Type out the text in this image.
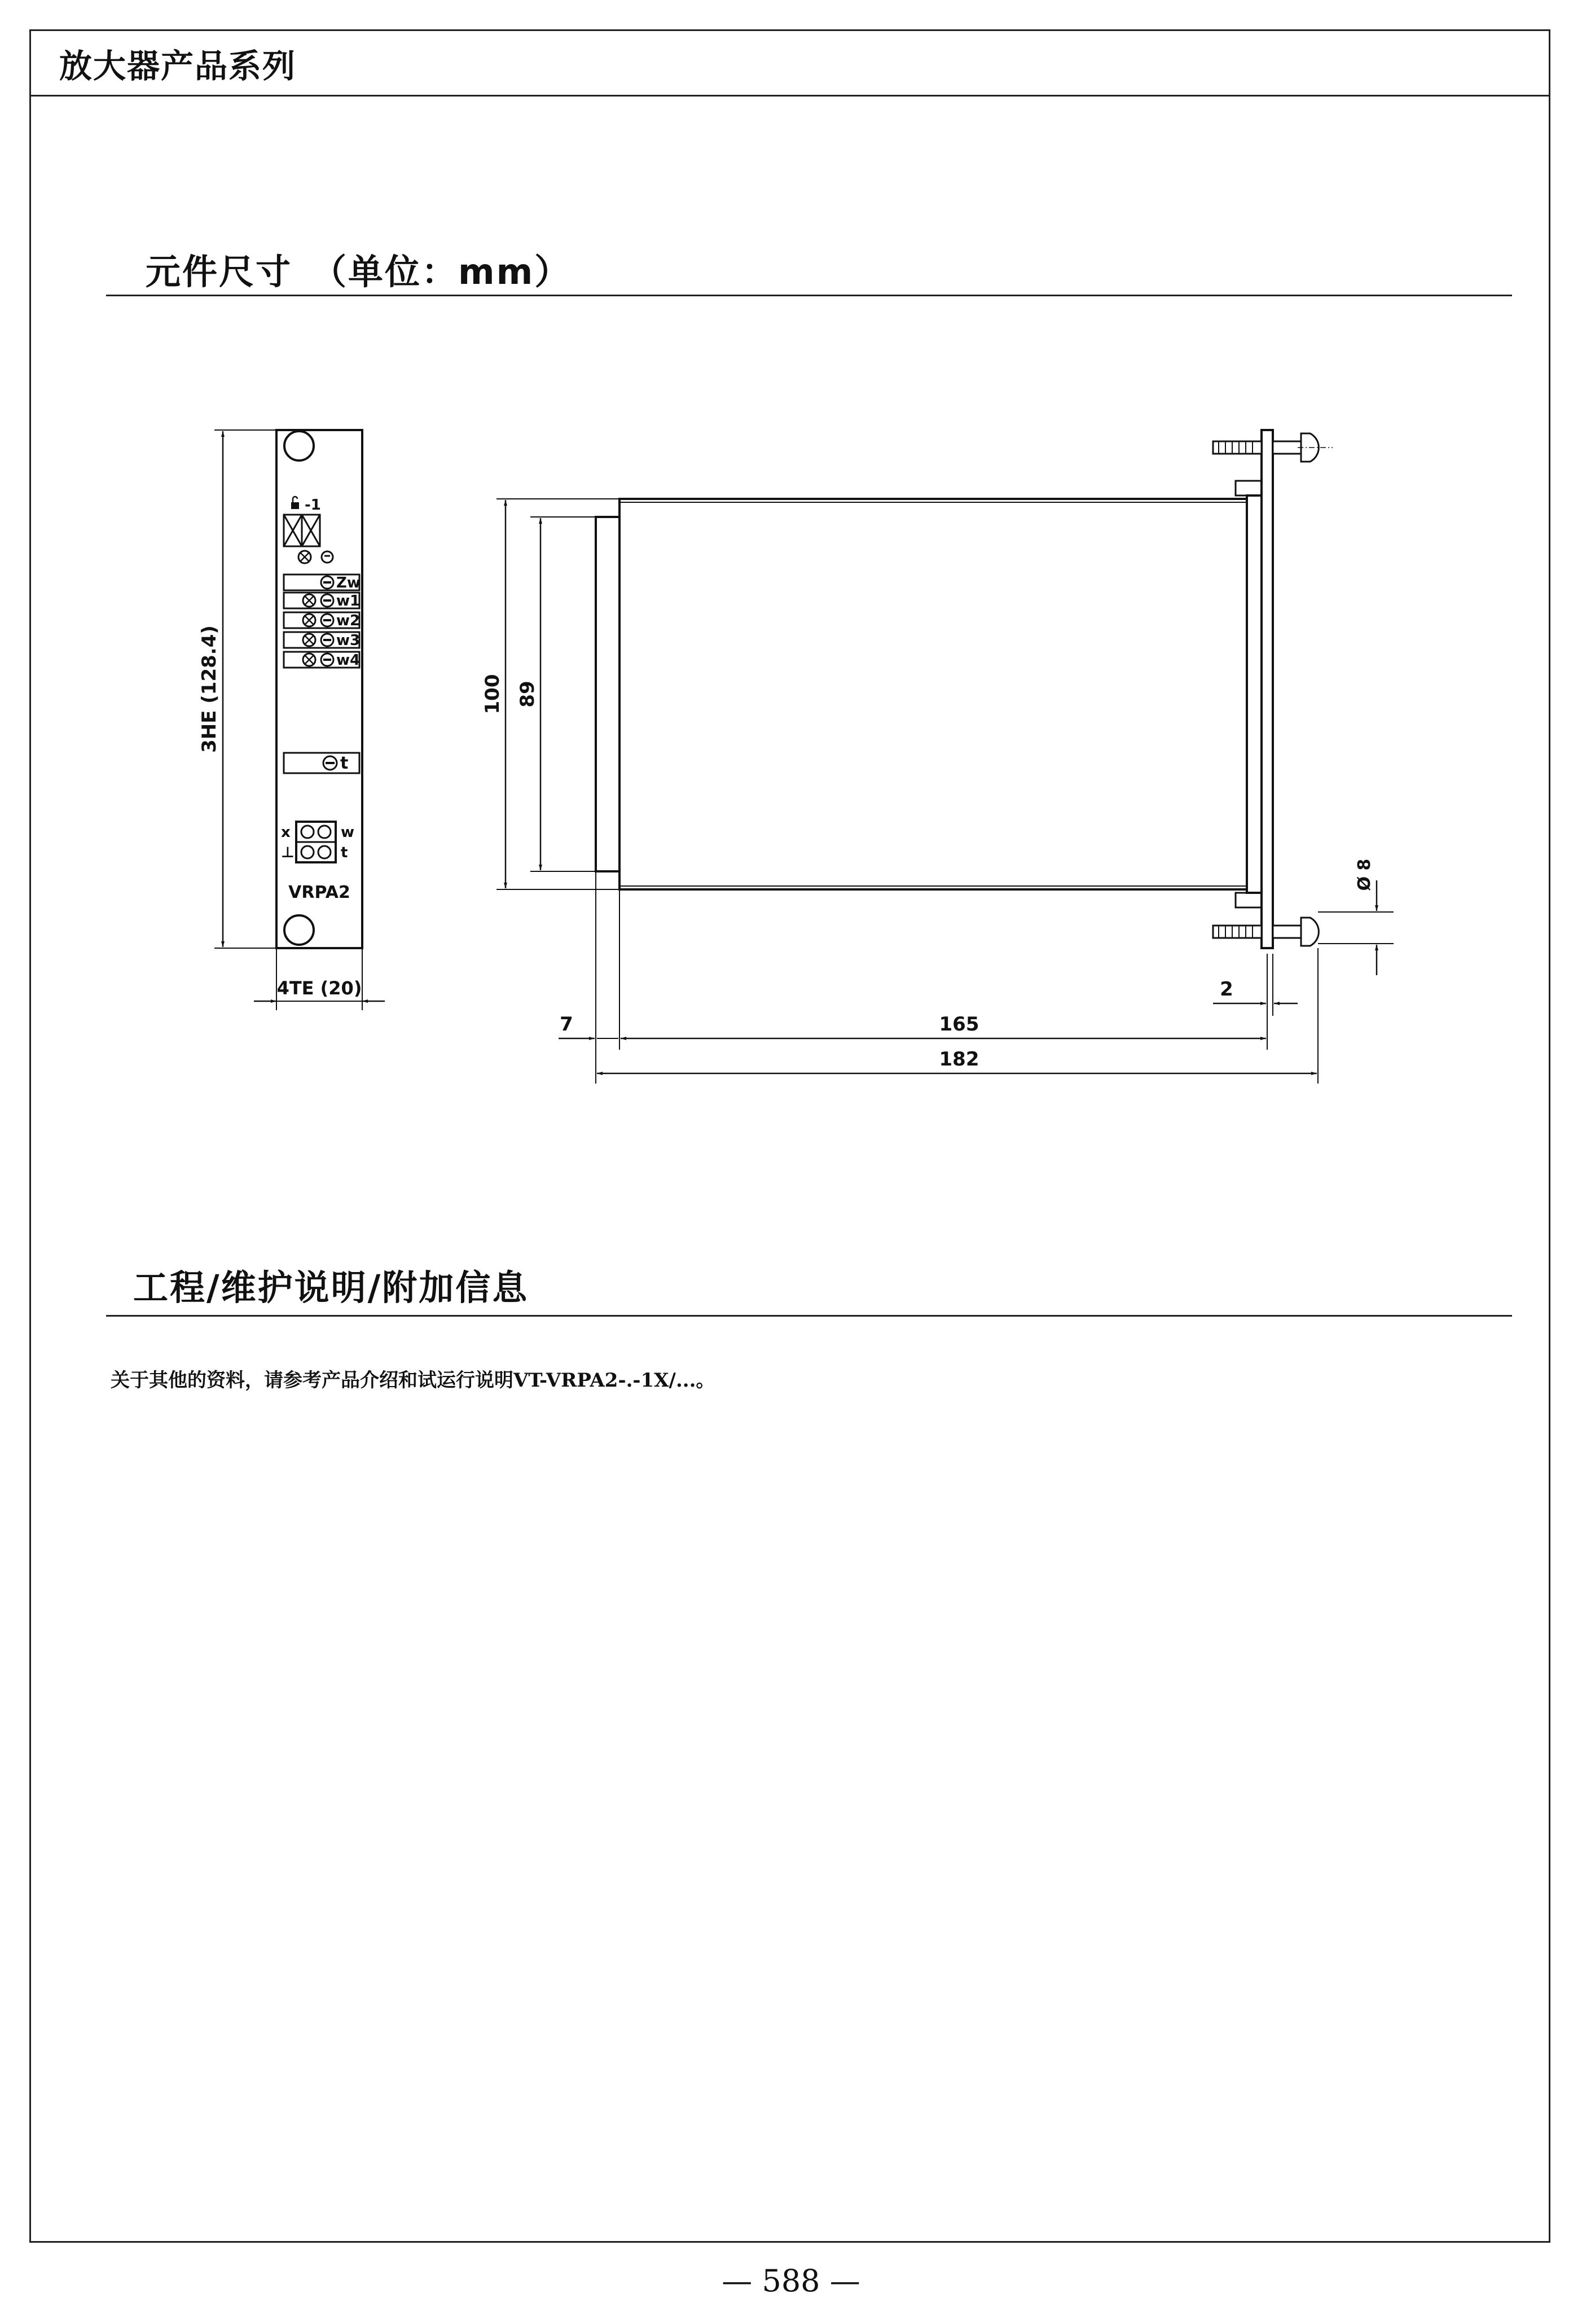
放大器产品系列
元件尺寸　（单位：mm）
-1
Zw
w1
w2
w3
w4
t
x
⊥
w
t
VRPA2
3HE (128.4)
4TE (20)
100 89
7	165
182
2
Ø 8
工程/维护说明/附加信息
关于其他的资料，请参考产品介绍和试运行说明VT-VRPA2-.-1X/...。
— 588 —
